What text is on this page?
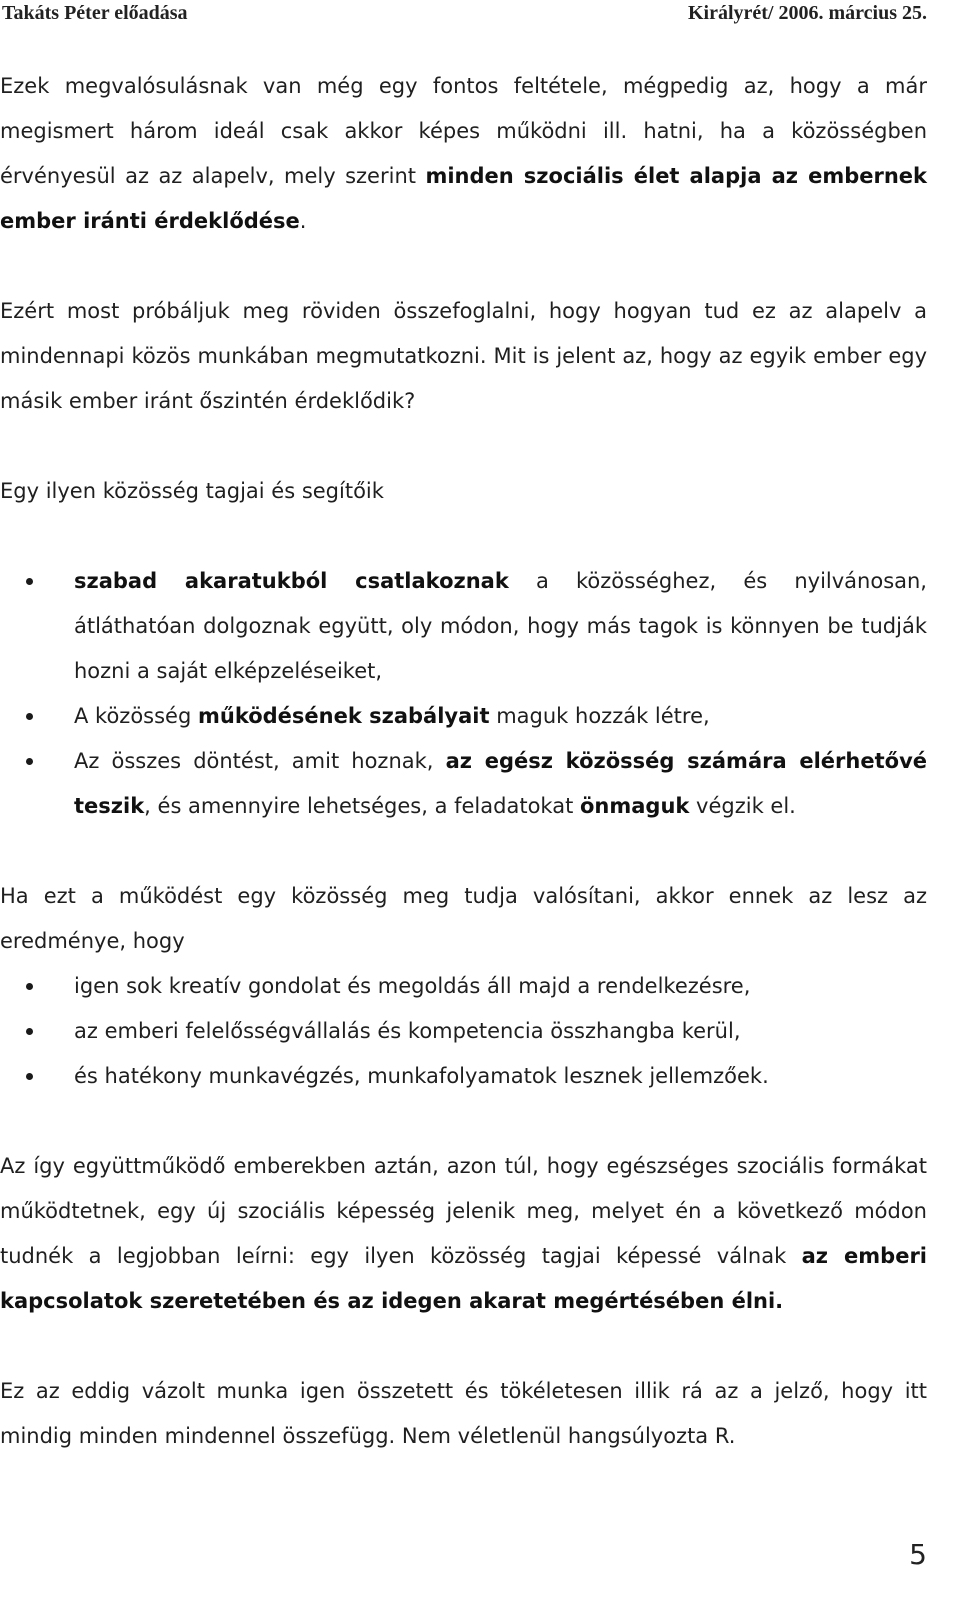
Takáts Péter előadása	Királyrét/ 2006. március 25.

Ezek megvalósulásnak van még egy fontos feltétele, mégpedig az, hogy a már megismert három ideál csak akkor képes működni ill. hatni, ha a közösségben érvényesül az az alapelv, mely szerint minden szociális élet alapja az embernek ember iránti érdeklődése.

Ezért most próbáljuk meg röviden összefoglalni, hogy hogyan tud ez az alapelv a mindennapi közös munkában megmutatkozni. Mit is jelent az, hogy az egyik ember egy másik ember iránt őszintén érdeklődik?

Egy ilyen közösség tagjai és segítőik

szabad akaratukból csatlakoznak a közösséghez, és nyilvánosan, átláthatóan dolgoznak együtt, oly módon, hogy más tagok is könnyen be tudják hozni a saját elképzeléseiket,
A közösség működésének szabályait maguk hozzák létre,
Az összes döntést, amit hoznak, az egész közösség számára elérhetővé teszik, és amennyire lehetséges, a feladatokat önmaguk végzik el.

Ha ezt a működést egy közösség meg tudja valósítani, akkor ennek az lesz az eredménye, hogy

igen sok kreatív gondolat és megoldás áll majd a rendelkezésre,
az emberi felelősségvállalás és kompetencia összhangba kerül,
és hatékony munkavégzés, munkafolyamatok lesznek jellemzőek.

Az így együttműködő emberekben aztán, azon túl, hogy egészséges szociális formákat működtetnek, egy új szociális képesség jelenik meg, melyet én a következő módon tudnék a legjobban leírni: egy ilyen közösség tagjai képessé válnak az emberi kapcsolatok szeretetében és az idegen akarat megértésében élni.

Ez az eddig vázolt munka igen összetett és tökéletesen illik rá az a jelző, hogy itt mindig minden mindennel összefügg. Nem véletlenül hangsúlyozta R.

5
